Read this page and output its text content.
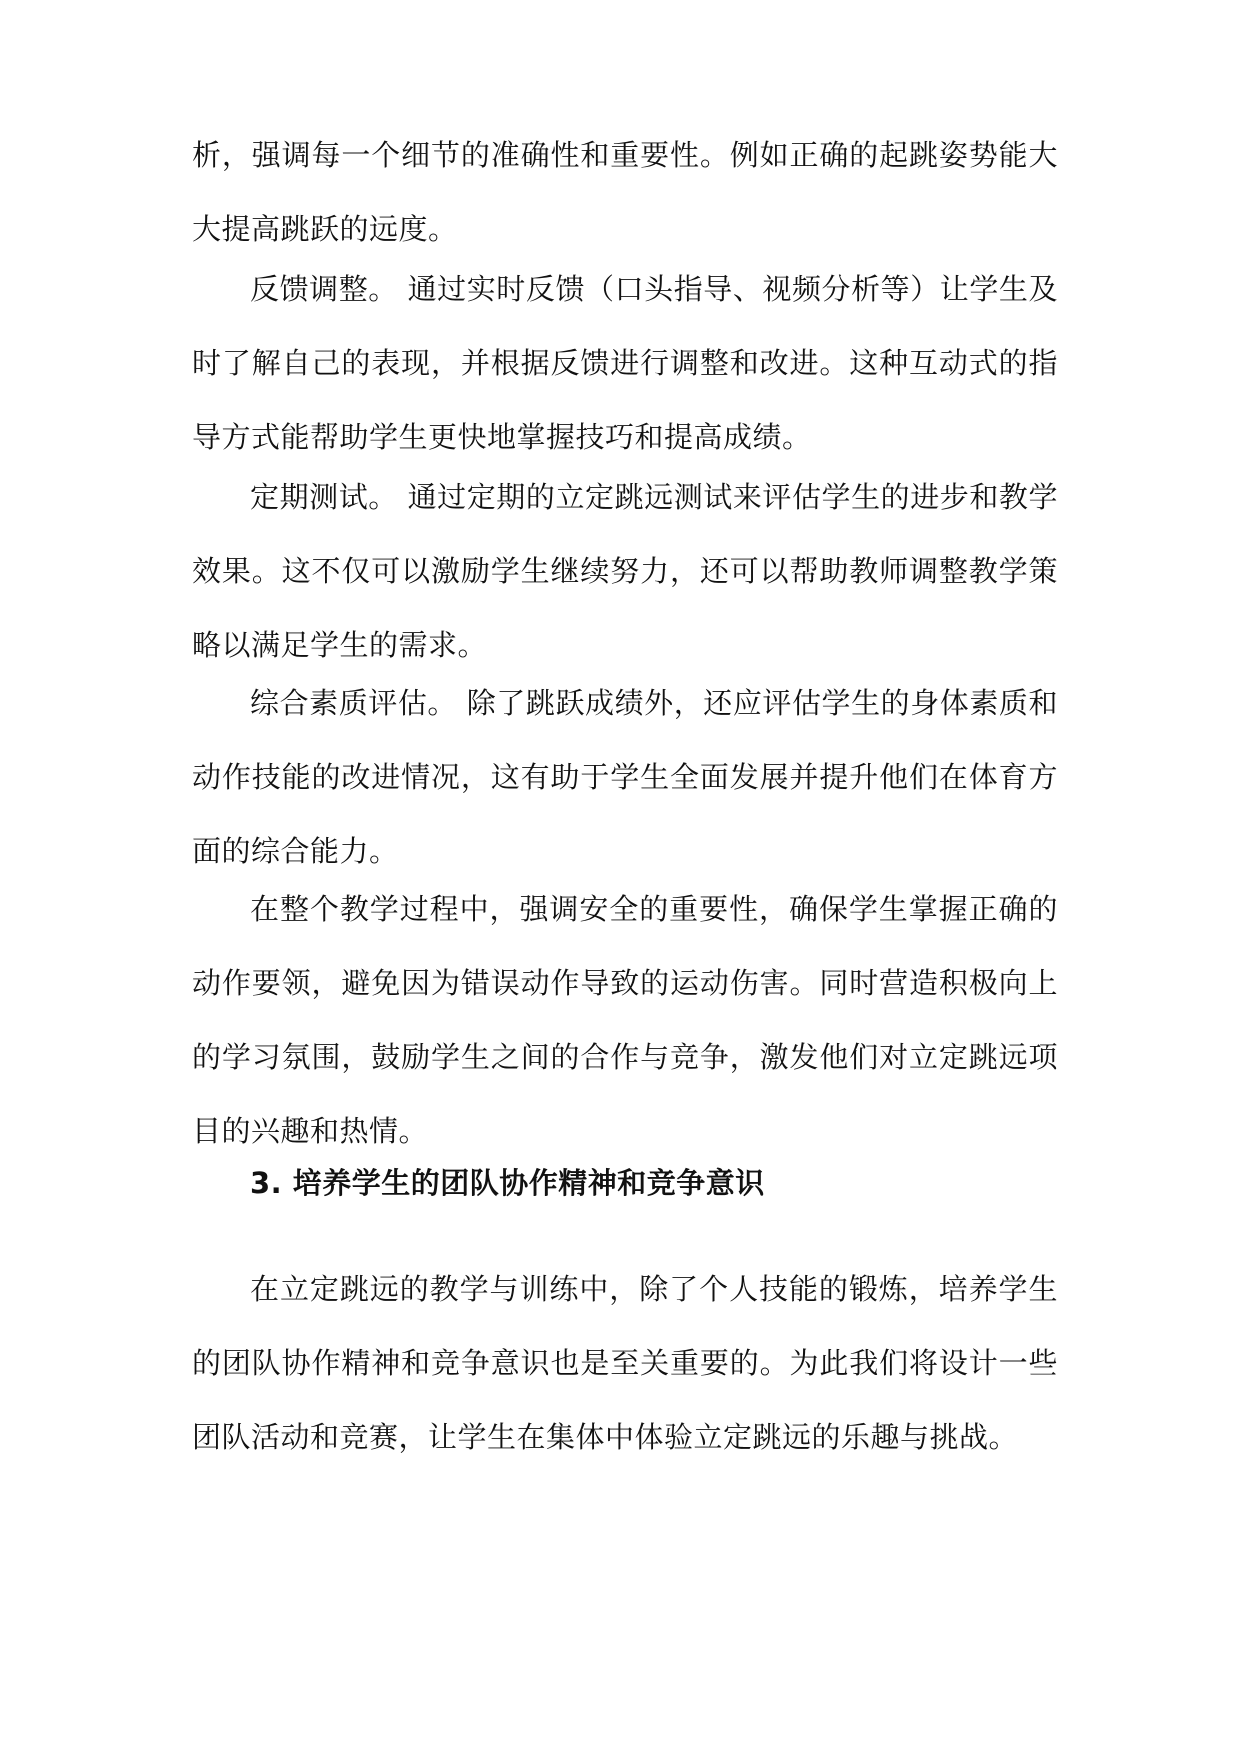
析，强调每一个细节的准确性和重要性。例如正确的起跳姿势能大大提高跳跃的远度。

反馈调整。 通过实时反馈（口头指导、视频分析等）让学生及时了解自己的表现，并根据反馈进行调整和改进。这种互动式的指导方式能帮助学生更快地掌握技巧和提高成绩。

定期测试。 通过定期的立定跳远测试来评估学生的进步和教学效果。这不仅可以激励学生继续努力，还可以帮助教师调整教学策略以满足学生的需求。

综合素质评估。 除了跳跃成绩外，还应评估学生的身体素质和动作技能的改进情况，这有助于学生全面发展并提升他们在体育方面的综合能力。

在整个教学过程中，强调安全的重要性，确保学生掌握正确的动作要领，避免因为错误动作导致的运动伤害。同时营造积极向上的学习氛围，鼓励学生之间的合作与竞争，激发他们对立定跳远项目的兴趣和热情。

3. 培养学生的团队协作精神和竞争意识

在立定跳远的教学与训练中，除了个人技能的锻炼，培养学生的团队协作精神和竞争意识也是至关重要的。为此我们将设计一些团队活动和竞赛，让学生在集体中体验立定跳远的乐趣与挑战。
